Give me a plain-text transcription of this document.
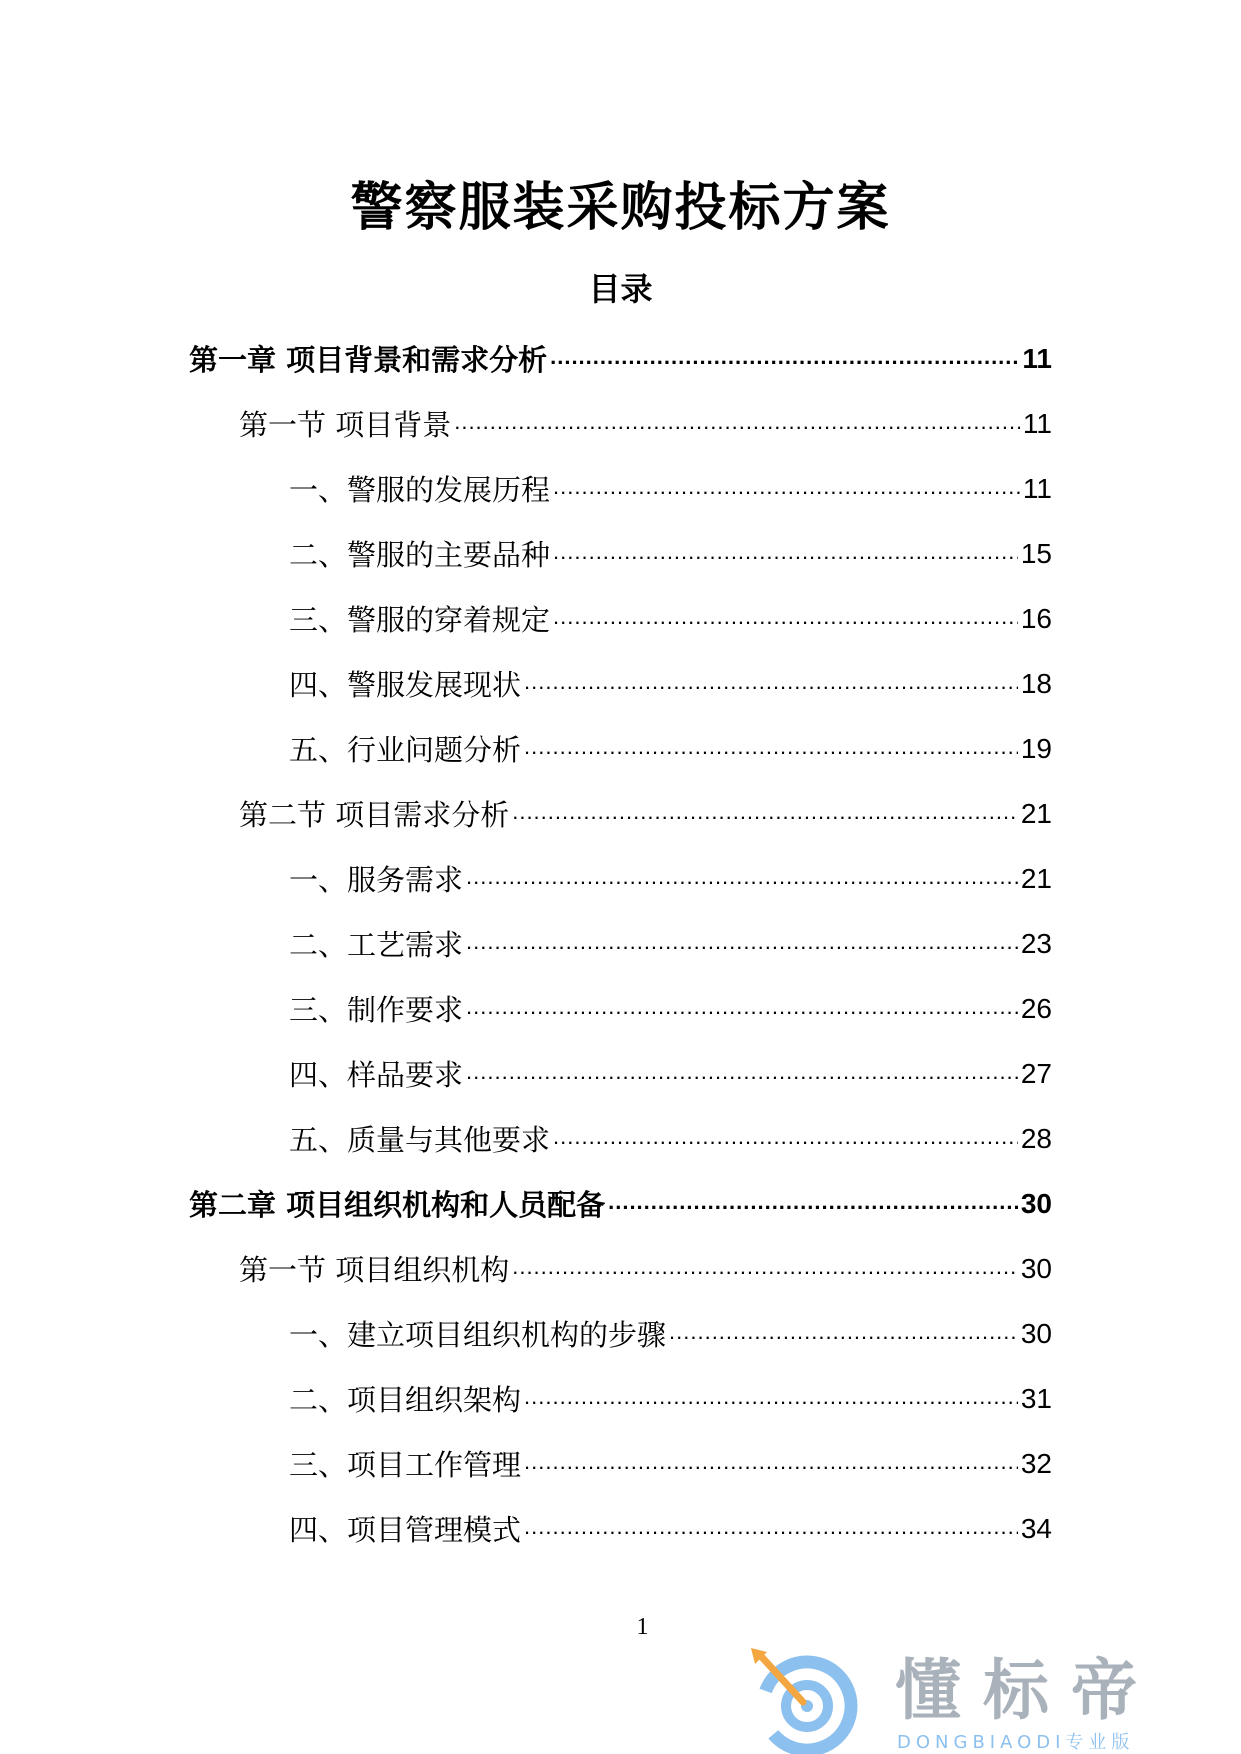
警察服装采购投标方案
目录
第一章 项目背景和需求分析 .....	11
第一节 项目背景 .....	11
一、警服的发展历程 .....	11
二、警服的主要品种 .....	15
三、警服的穿着规定 .....	16
四、警服发展现状 .....	18
五、行业问题分析 .....	19
第二节 项目需求分析 .....	21
一、服务需求 .....	21
二、工艺需求 .....	23
三、制作要求 .....	26
四、样品要求 .....	27
五、质量与其他要求 .....	28
第二章 项目组织机构和人员配备 .....	30
第一节 项目组织机构 .....	30
一、建立项目组织机构的步骤 .....	30
二、项目组织架构 .....	31
三、项目工作管理 .....	32
四、项目管理模式 .....	34
1
懂标帝
DONGBIAODI专业版
